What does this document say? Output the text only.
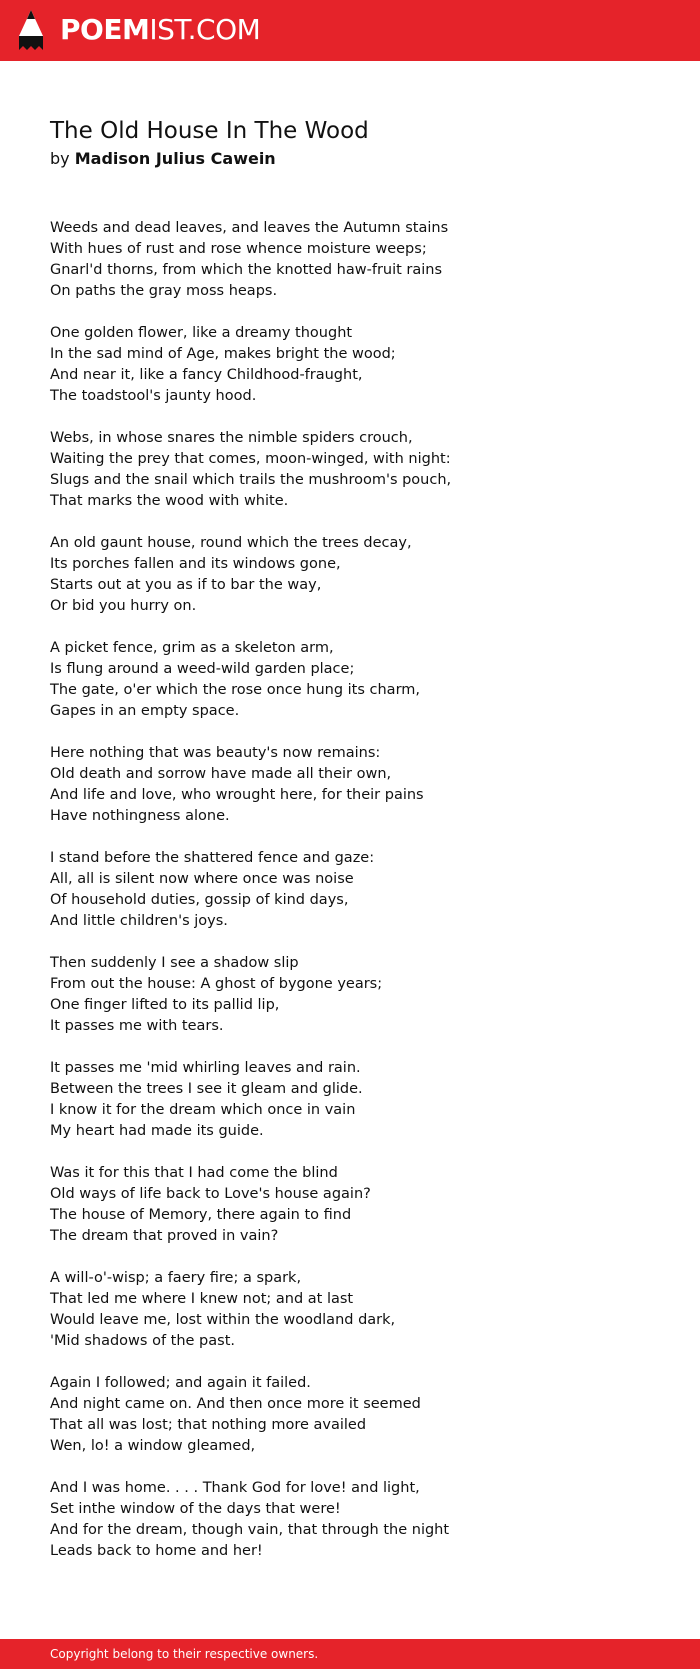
POEMIST.COM
The Old House In The Wood
by Madison Julius Cawein
Weeds and dead leaves, and leaves the Autumn stains
With hues of rust and rose whence moisture weeps;
Gnarl'd thorns, from which the knotted haw-fruit rains
On paths the gray moss heaps.
One golden flower, like a dreamy thought
In the sad mind of Age, makes bright the wood;
And near it, like a fancy Childhood-fraught,
The toadstool's jaunty hood.
Webs, in whose snares the nimble spiders crouch,
Waiting the prey that comes, moon-winged, with night:
Slugs and the snail which trails the mushroom's pouch,
That marks the wood with white.
An old gaunt house, round which the trees decay,
Its porches fallen and its windows gone,
Starts out at you as if to bar the way,
Or bid you hurry on.
A picket fence, grim as a skeleton arm,
Is flung around a weed-wild garden place;
The gate, o'er which the rose once hung its charm,
Gapes in an empty space.
Here nothing that was beauty's now remains:
Old death and sorrow have made all their own,
And life and love, who wrought here, for their pains
Have nothingness alone.
I stand before the shattered fence and gaze:
All, all is silent now where once was noise
Of household duties, gossip of kind days,
And little children's joys.
Then suddenly I see a shadow slip
From out the house: A ghost of bygone years;
One finger lifted to its pallid lip,
It passes me with tears.
It passes me 'mid whirling leaves and rain.
Between the trees I see it gleam and glide.
I know it for the dream which once in vain
My heart had made its guide.
Was it for this that I had come the blind
Old ways of life back to Love's house again?
The house of Memory, there again to find
The dream that proved in vain?
A will-o'-wisp; a faery fire; a spark,
That led me where I knew not; and at last
Would leave me, lost within the woodland dark,
'Mid shadows of the past.
Again I followed; and again it failed.
And night came on. And then once more it seemed
That all was lost; that nothing more availed
Wen, lo! a window gleamed,
And I was home. . . . Thank God for love! and light,
Set inthe window of the days that were!
And for the dream, though vain, that through the night
Leads back to home and her!
Copyright belong to their respective owners.
